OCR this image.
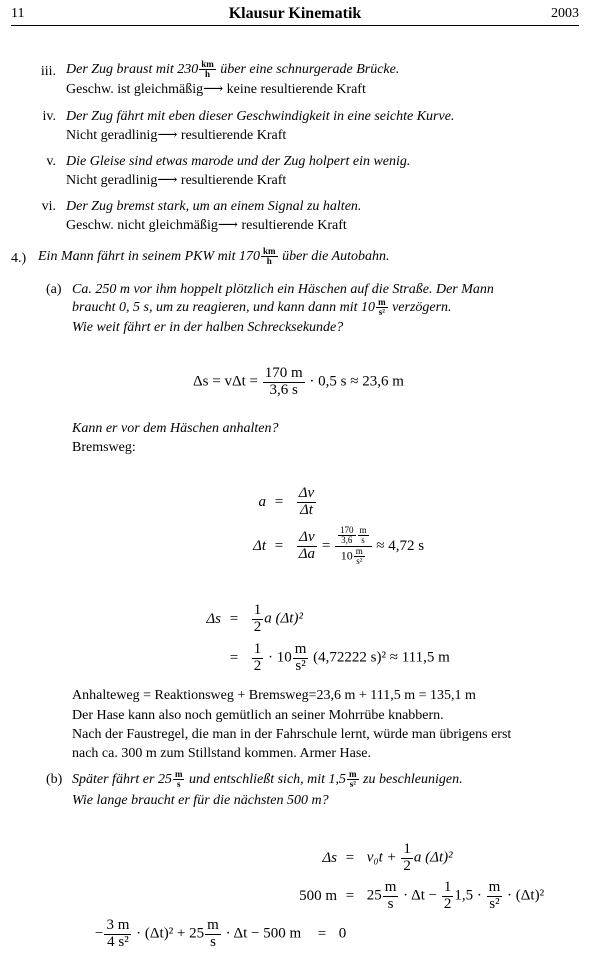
11	Klausur Kinematik	2003
iii. Der Zug braust mit $230 \frac{km}{h}$ über eine schnurgerade Brücke.
Geschw. ist gleichmäßig⟶ keine resultierende Kraft
iv. Der Zug fährt mit eben dieser Geschwindigkeit in eine seichte Kurve.
Nicht geradlinig⟶ resultierende Kraft
v. Die Gleise sind etwas marode und der Zug holpert ein wenig.
Nicht geradlinig⟶ resultierende Kraft
vi. Der Zug bremst stark, um an einem Signal zu halten.
Geschw. nicht gleichmäßig⟶ resultierende Kraft
4.) Ein Mann fährt in seinem PKW mit $170 \frac{km}{h}$ über die Autobahn.
(a) Ca. 250 m vor ihm hoppelt plötzlich ein Häschen auf die Straße. Der Mann
braucht 0, 5 s, um zu reagieren, und kann dann mit $10 \frac{m}{\text{s²}}$ verzögern.
Wie weit fährt er in der halben Schrecksekunde?
$\Delta s = v\Delta t = \frac{170 m}{3,6 s} \cdot 0,5$ s ≈ 23,6 m
Kann er vor dem Häschen anhalten?
Bremsweg:
$a = \frac{\Delta v}{\Delta t}$
$\Delta t = \frac{\Delta v}{\Delta a} = \frac{\frac{170}{3,6} \frac{m}{s}}{10 \frac{m}{\text{s²}}} \approx 4,72$ s
$\Delta s = \frac{1}{2}$ a (Δt)²
= $\frac{1}{2} \cdot 10 \frac{m}{\text{s²}} (4,72222$ s)² ≈ 111,5 m
Anhalteweg = Reaktionsweg + Bremsweg=23,6 m + 111,5 m = 135,1 m
Der Hase kann also noch gemütlich an seiner Mohrrübe knabbern.
Nach der Faustregel, die man in der Fahrschule lernt, würde man übrigens erst
nach ca. 300 m zum Stillstand kommen. Armer Hase.
(b) Später fährt er $25 \frac{m}{s}$ und entschließt sich, mit $1,5 \frac{m}{\text{s²}}$ zu beschleunigen.
Wie lange braucht er für die nächsten 500 m?
$\Delta s = v_0t + \frac{1}{2}$ a (Δt)²
500 $m = 25 \frac{m}{s} \cdot \Delta t - \frac{1}{2} 1,5 \cdot \frac{m}{\text{s²}} \cdot (\Delta t)^2$
− $\frac{3 m}{\text{4 s²}} \cdot (\Delta t)^2 + 25 \frac{m}{s} \cdot \Delta t - 500$ m = 0
